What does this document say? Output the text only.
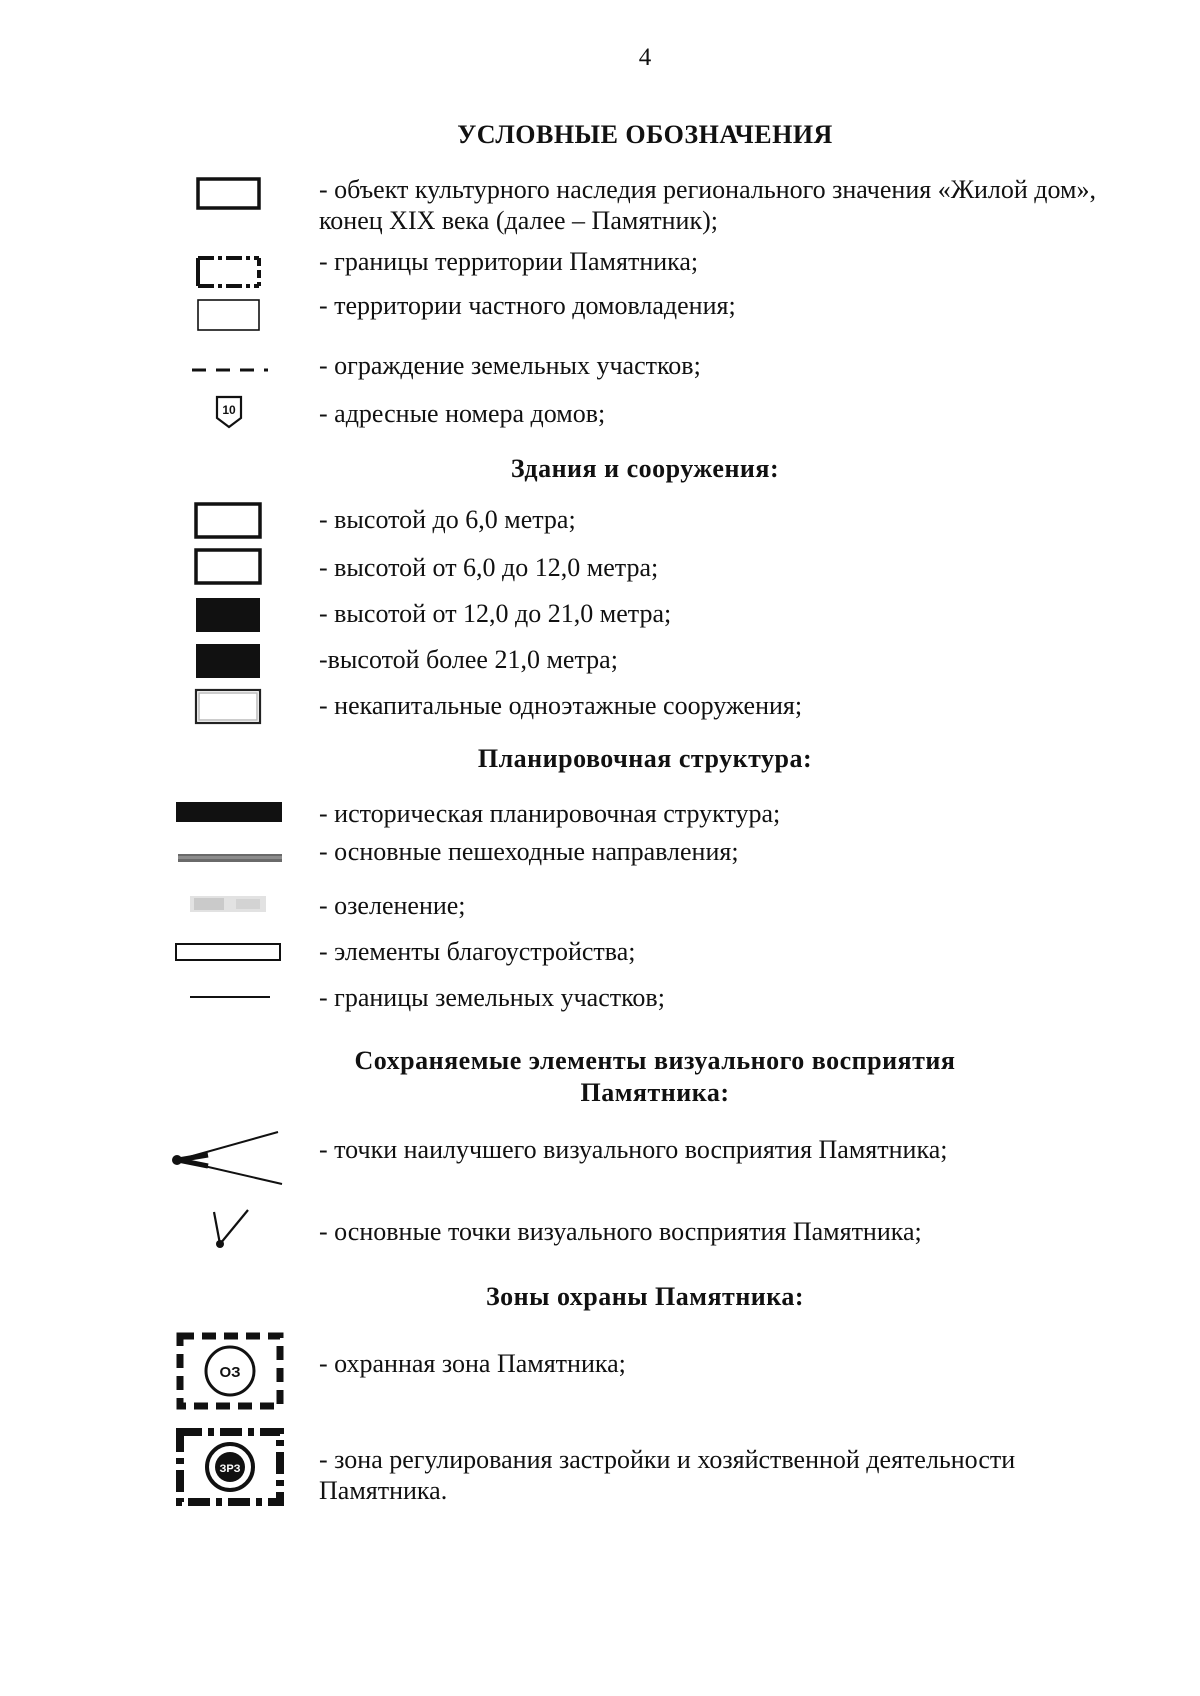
4
УСЛОВНЫЕ ОБОЗНАЧЕНИЯ
- объект культурного наследия регионального значения «Жилой дом», конец XIX века (далее – Памятник);
- границы территории Памятника;
- территории частного домовладения;
- ограждение земельных участков;
10	- адресные номера домов;
Здания и сооружения:
- высотой до 6,0 метра;
- высотой от 6,0 до 12,0 метра;
- высотой от 12,0 до 21,0 метра;
-высотой более 21,0 метра;
- некапитальные одноэтажные сооружения;
Планировочная структура:
- историческая планировочная структура;
- основные пешеходные направления;
- озеленение;
- элементы благоустройства;
- границы земельных участков;
Сохраняемые элементы визуального восприятия
Памятника:
- точки наилучшего визуального восприятия Памятника;
- основные точки визуального восприятия Памятника;
Зоны охраны Памятника:
ОЗ	- охранная зона Памятника;
ЗРЗ	- зона регулирования застройки и хозяйственной деятельности Памятника.
